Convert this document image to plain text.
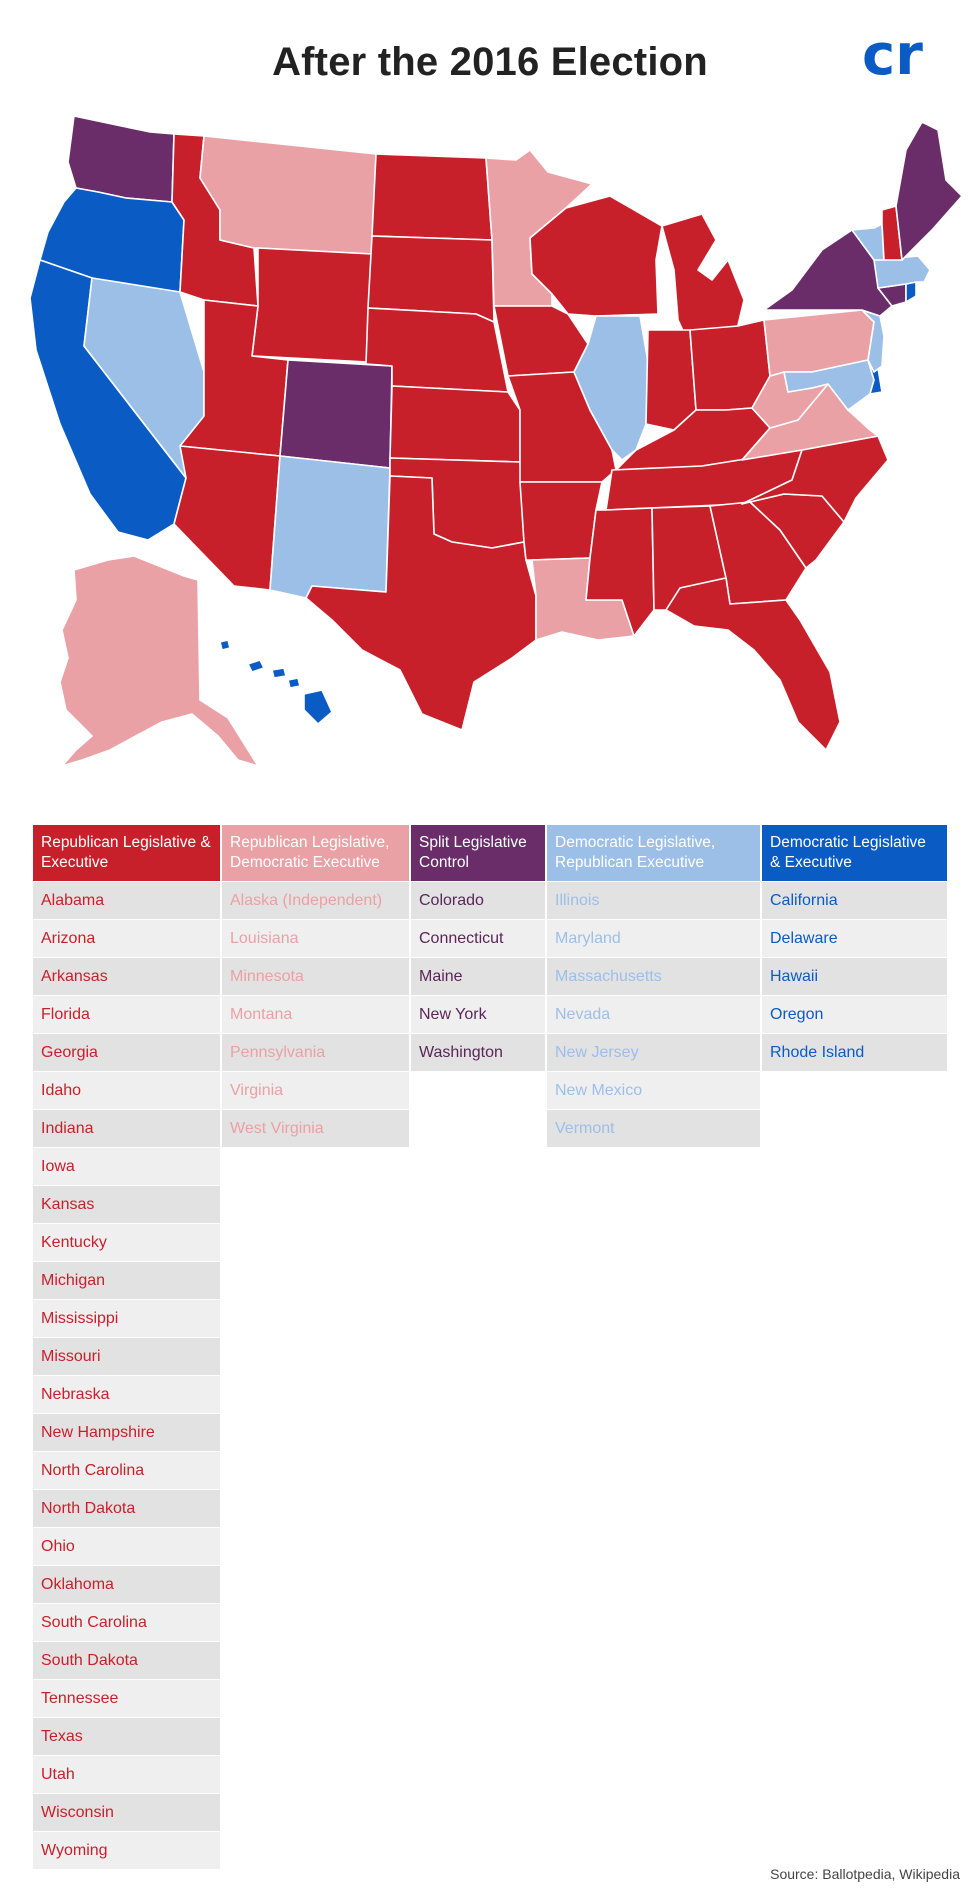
After the 2016 Election	cr
Republican Legislative & Executive
Alabama
Arizona
Arkansas
Florida
Georgia
Idaho
Indiana
Iowa
Kansas
Kentucky
Michigan
Mississippi
Missouri
Nebraska
New Hampshire
North Carolina
North Dakota
Ohio
Oklahoma
South Carolina
South Dakota
Tennessee
Texas
Utah
Wisconsin
Wyoming
Republican Legislative, Democratic Executive
Alaska (Independent)
Louisiana
Minnesota
Montana
Pennsylvania
Virginia
West Virginia
Split Legislative Control
Colorado
Connecticut
Maine
New York
Washington
Democratic Legislative, Republican Executive
Illinois
Maryland
Massachusetts
Nevada
New Jersey
New Mexico
Vermont
Democratic Legislative & Executive
California
Delaware
Hawaii
Oregon
Rhode Island
Source: Ballotpedia, Wikipedia
